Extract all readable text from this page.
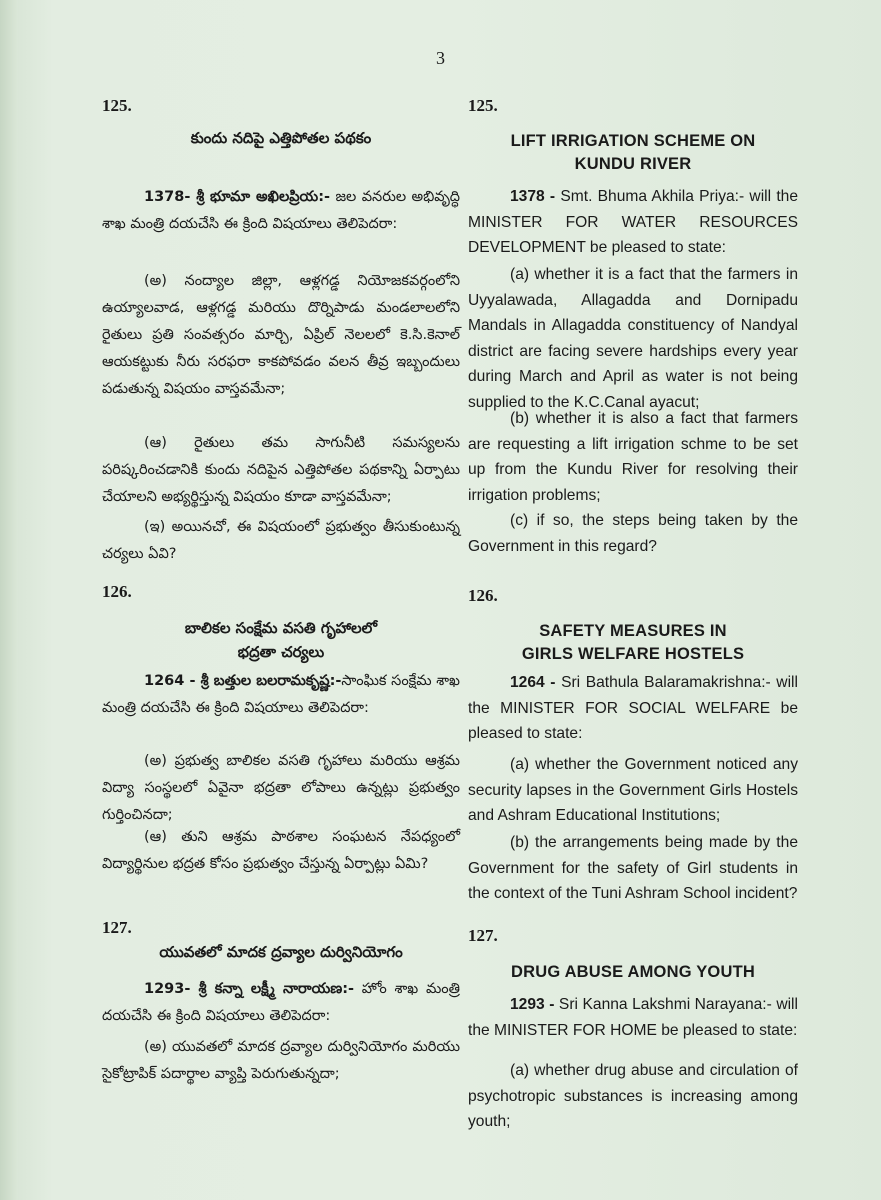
3
125.
కుందు నదిపై ఎత్తిపోతల పథకం
1378- శ్రీ భూమా అఖిలప్రియ:- జల వనరుల అభివృద్ధి శాఖ మంత్రి దయచేసి ఈ క్రింది విషయాలు తెలిపెదరా:
(అ) నంద్యాల జిల్లా, ఆళ్లగడ్డ నియోజకవర్గంలోని ఉయ్యాలవాడ, ఆళ్లగడ్డ మరియు దొర్నిపాడు మండలాలలోని రైతులు ప్రతి సంవత్సరం మార్చి, ఏప్రిల్ నెలలలో కె.సి.కెనాల్ ఆయకట్టుకు నీరు సరఫరా కాకపోవడం వలన తీవ్ర ఇబ్బందులు పడుతున్న విషయం వాస్తవమేనా;
(ఆ) రైతులు తమ సాగునీటి సమస్యలను పరిష్కరించడానికి కుందు నదిపైన ఎత్తిపోతల పథకాన్ని ఏర్పాటు చేయాలని అభ్యర్థిస్తున్న విషయం కూడా వాస్తవమేనా;
(ఇ) అయినచో, ఈ విషయంలో ప్రభుత్వం తీసుకుంటున్న చర్యలు ఏవి?
126.
బాలికల సంక్షేమ వసతి గృహాలలో
భద్రతా చర్యలు
1264 - శ్రీ బత్తుల బలరామకృష్ణ:-సాంఘిక సంక్షేమ శాఖ మంత్రి దయచేసి ఈ క్రింది విషయాలు తెలిపెదరా:
(అ) ప్రభుత్వ బాలికల వసతి గృహాలు మరియు ఆశ్రమ విద్యా సంస్థలలో ఏవైనా భద్రతా లోపాలు ఉన్నట్లు ప్రభుత్వం గుర్తించినదా;
(ఆ) తుని ఆశ్రమ పాఠశాల సంఘటన నేపధ్యంలో విద్యార్థినుల భద్రత కోసం ప్రభుత్వం చేస్తున్న ఏర్పాట్లు ఏమి?
127.
యువతలో మాదక ద్రవ్యాల దుర్వినియోగం
1293- శ్రీ కన్నా లక్ష్మీ నారాయణ:- హోం శాఖ మంత్రి దయచేసి ఈ క్రింది విషయాలు తెలిపెదరా:
(అ) యువతలో మాదక ద్రవ్యాల దుర్వినియోగం మరియు సైకోట్రాపిక్ పదార్థాల వ్యాప్తి పెరుగుతున్నదా;
125.
LIFT IRRIGATION SCHEME ON
KUNDU RIVER
1378 - Smt. Bhuma Akhila Priya:- will the MINISTER FOR WATER RESOURCES DEVELOPMENT be pleased to state:
(a) whether it is a fact that the farmers in Uyyalawada, Allagadda and Dornipadu Mandals in Allagadda constituency of Nandyal district are facing severe hardships every year during March and April as water is not being supplied to the K.C.Canal ayacut;
(b) whether it is also a fact that farmers are requesting a lift irrigation schme to be set up from the Kundu River for resolving their irrigation problems;
(c) if so, the steps being taken by the Government in this regard?
126.
SAFETY MEASURES IN
GIRLS WELFARE HOSTELS
1264 - Sri Bathula Balaramakrishna:- will the MINISTER FOR SOCIAL WELFARE be pleased to state:
(a) whether the Government noticed any security lapses in the Government Girls Hostels and Ashram Educational Institutions;
(b) the arrangements being made by the Government for the safety of Girl students in the context of the Tuni Ashram School incident?
127.
DRUG ABUSE AMONG YOUTH
1293 - Sri Kanna Lakshmi Narayana:- will the MINISTER FOR HOME be pleased to state:
(a) whether drug abuse and circulation of psychotropic substances is increasing among youth;
